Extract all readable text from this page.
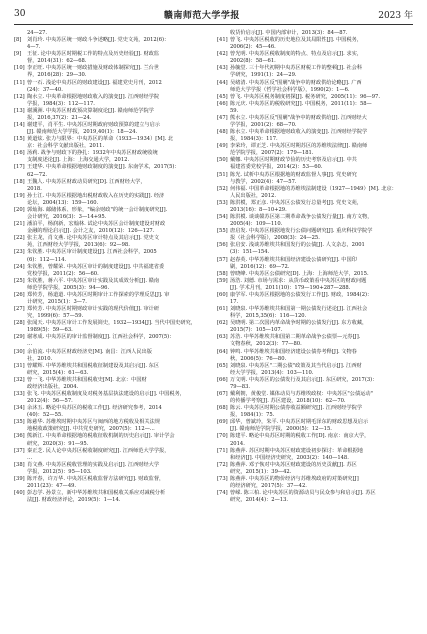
30	赣南师范大学学报	2023 年
24—27.
[8]	刘肖玲. 中央苏区统一财政斗争述略[J]. 党史文苑，2012(6)：
4—7.
[9]	王征. 论中央苏区时期税工作的特点及历史经验[J]. 财政监
督，2014(31)：62—68.
[10] 李正旺. 中央苏区统一财政措施及财政体制探究[J]. 兰台世
界，2016(28)：29—30.
[11] 曾一石. 浅论中央苏区的财政建设[J]. 福建党史月刊，2012
(24)：37—40.
[12] 陶水立. 中央革命根据地财政收入的演变[J]. 江西财经学院
学报，1984(3)：112—117.
[13] 谢溪洲. 中央苏区财政预决算制度论[J]. 赣南师范学院学
报，2016,37(2)：21—24.
[14] 谢建平，肖平生. 中央苏区时期政府财政预算的建立与启示
[J]. 赣南师范大学学报，2019,40(1)：18—24.
[15] 黄道炫. 张力与限界：中央苏区的革命（1933—1934）[M]. 北
京：社会科学文献出版社，2011.
[16] 汤莉. 战争与财政下的挣扎：1932年中央苏区财政统收统
支制度述论[J]. 上海：上海交通大学，2012.
[17] 王建华. 中央革命根据地财政制度的演变[J]. 东南学术，2017(5)：
62—72.
[18] 王魏人. 中央苏区财政动员研究[D]. 江西财经大学，
2018.
[19] 孙士江. 中央苏区根据地出税财政收入在历史的实践[J]. 经济
论坛，2004(13)：159—160.
[20] 郭灿海. 邮储体系、形象，"编余财政"的统一会计制度研究[J].
会计研究，2016(3)：3—14+95.
[21] 潘泊平，杨润新，宏翰林. 试论中央苏区会计制度建设对财政
金融的理论启示[J]. 会计之友，2010(12)：126—127.
[22] 张主龙，肖文燕. 论中央苏区审计特点及其启示[J]. 党史文
苑，江西财经大学学报，2013(6)：92—98.
[23] 朱钦胜. 中央苏区审计制度建设[J]. 江西社会科学，2005
(6)：112—114.
[24] 朱钦胜，曾耀荣. 中央苏区审计的制度建设[J]. 中共福建省委
党校学报，2011(2)：56—60.
[25] 朱钦胜，蒋六平. 中央苏区审计实践及其成效分析[J]. 赣南
师范学院学报，2005(3)：94—96.
[26] 郑传芳，杨道道. 中央苏区时期审计工作探索的学理反思[J]. 审
计研究，2015(1)：3—7.
[27] 郑传芳. 中央苏区时期财政审计实践的现代价值[J]. 审计研
究，1999(6)：57—59.
[28] 张闻天. 中央苏区审计工作发展简史，1932—1934[J]. 当代中国史研究，
1989(5)：59—63.
[29] 谢寒成. 中央苏区的审计监督制度[J]. 江西社会科学，2007(5)：
…
[30] 余伯流. 中央苏区财政经济史[M]. 南昌：江西人民出版
社，2010.
[31] 曾耀辉. 中华苏维埃共和国税收征制建设及其启示[J]. 东区
研究，2015(4)：61—63.
[32] 曾一飞. 中华苏维埃共和国税收史[M]. 北京：中国财
政经济出版社，2004.
[33] 张飞. 中央苏区税收制度及对税务基层执法建设的启示[J]. 中国税务，
2012(4)：56—57.
[34] 余沐五. 略论中央苏区的税收工作[J]. 经济研究参考，2014
(40)：52—55.
[35] 陈慈华. 苏维埃时期中央苏区与闽西的地方税收及相关法规
地税收政策研究[J]. 中共党史研究，2007(5)：112—...
[36] 熊新江. 中央革命根据地的税收征收机制的历史启示[J]. 审计学会
研究，2020(3)：91—95.
[37] 秦正芝. 民人论中央苏区税收制度研究[J]. 江西师范大学学报，
…
[38] 肖文燕. 中央苏区税收管理的实践及启示[J]. 江西财经大学
学报，2012(5)：95—103.
[39] 陈开春，许万华. 中央苏区税收监督方法研究[J]. 财政监督，
2011(23)：47—49.
[40] 彭志学. 孙景立，新中华苏维埃共和国税收关系应对减税分析
法[J]. 财政经济评论，2019(5)：1—14.
收货价启示[J]. 中国内部审计，2013(3)：84—87.
[41] 曾飞. 中央苏区税收的历史地位及其局限性[J]. 中国税务，
2006(2)：45—46.
[42] 曾光明. 中央苏区税收制度的特点、特点及启示[J]. 求实，
2002(8)：58—61.
[43] 孙毓堂. 三十年代初期中央苏区财税工作的整顿[J]. 社会科
学研究，1991(1)：24—29.
[44] 吴绪清. 中央苏区反"围剿"战争中的财政供给论略[J]. 广西
师范大学学报（哲学社会科学版），1990(2)：1—6.
[45] 曾飞. 中央苏区税务制度初探[J]. 税务研究，2005(11)：96—97.
[46] 陈元庆. 中央苏区的税收研究[J]. 中国税务，2011(11)：58—
59.
[47] 熊水立. 中央苏区反"围剿"战争中的财政供给[J]. 江西财经大
学学报，2001(2)：68—70.
[48] 陈水立. 中央革命根据地财政收入的演变[J]. 江西财经学院学
报，1984(3)：117.
[49] 李荣玲，谭正芝. 中央苏区时期苏区的苏维埃法律[J]. 赣南师
范学院学报，2007(2)：179—181.
[50] 戴娜. 中央苏区时期财政节俭的历史考察及启示[J]. 中共
福建省委党校学报，2014(2)：53—60.
[51] 陈光. 试析中央苏区根据地的财政监督人事[J]. 党史研究
与教学，2002(4)：47—57.
[52] 何伟福. 中国革命根据地的苏维埃法制建设（1927—1949）[M]. 北京：
人民出版社，2012.
[53] 陈洪模，郑正彦. 中央苏区公债发行总量考[J]. 党史文苑，
2013(16)：8—10+29.
[54] 陈洪模. 谈谈赣苏区第二期革命战争公债发行量[J]. 南方文物，
2005(4)：109—110.
[55] 唐启发. 中央苏区根据地发行公债问题研究[J]. 重庆科技学院学
报（社会科学版），2008(3)：24—25.
[56] 张启安. 浅谈苏维埃共和国发行的公债[J]. 人文杂志，2001
(3)：151—154.
[57] 赵春英. 中华苏维埃共和国经济建设公债研究[J]. 中国印
刷，2016(12)：69—72.
[58] 曾晓峰. 中央苏区公债研究[D]. 上海：上海师范大学，2015.
[59] 汤浩. 刘德. 市场与需求：从货币政策看中央苏区的财政问题
[J]. 学术月刊，2011(10)：179—190+287—288.
[60] 康学军. 中央苏区根据地的公债发行工作[J]. 财政，1984(2)：
17.
[61] 刘晓泉. 中华苏维埃共和国第一期公债发行述论[J]. 江西社会
科学，2015,35(6)：116—120.
[62] 吴晓明. 第二次国内革命战争时期的公债发行[J]. 东方收藏，
2015(7)：105—107.
[63] 苏浩. 中华苏维埃共和国第二期革命战争公债票—元券[J].
文物春秋，2012(3)：77—80.
[64] 钟鸣. 中华苏维埃共和国经济建设公债券考释[J]. 文物春
秋，2006(5)：76—80.
[65] 刘晓泉. 中央苏区"二期公债"政策及其当代启示[J]. 江西财
经大学学报，2013(4)：103—110.
[66] 万文明. 中央苏区的公债发行及其启示[J]. 东区研究，2017(3)：
79—83.
[67] 戴利朝，黄俊堂. 媒体动员与苏维埃政权：中央苏区"公债运动"
的传播学考察[J]. 苏区建设，2018(10)：62—70.
[68] 陈云. 中央苏区时期公债券收益额研究[J]. 江西财经学院学
报，1984(1)：75.
[69] 邱华，曾斌玲，朱平. 中央苏区时期毛泽东的财政思想及启示
[J]. 赣南师范学院学报，2000(5)：12—15.
[70] 陈建平. 略论中央苏区时期的税收工作[D]. 南京：南京大学，
2014.
[71] 陈燕萍. 苏区时期中央苏区财政建设初步探讨：革命根据地
和经济[J]. 中国经济史研究，2003(2)：140—148.
[72] 陈燕萍. 邓子恢对中央苏区财政建设的历史贡献[J]. 苏区
研究，2015(1)：39—42.
[73] 陈燕萍. 中央苏区的物价经济与苏维埃政府的对策研究[J]
的经济研究，2017(5)：37—42.
[74] 曾嵘. 陈三柏. 论中央苏区的资源动员与民众参与和启示[J]. 苏区
研究，2014(4)：2—13.
